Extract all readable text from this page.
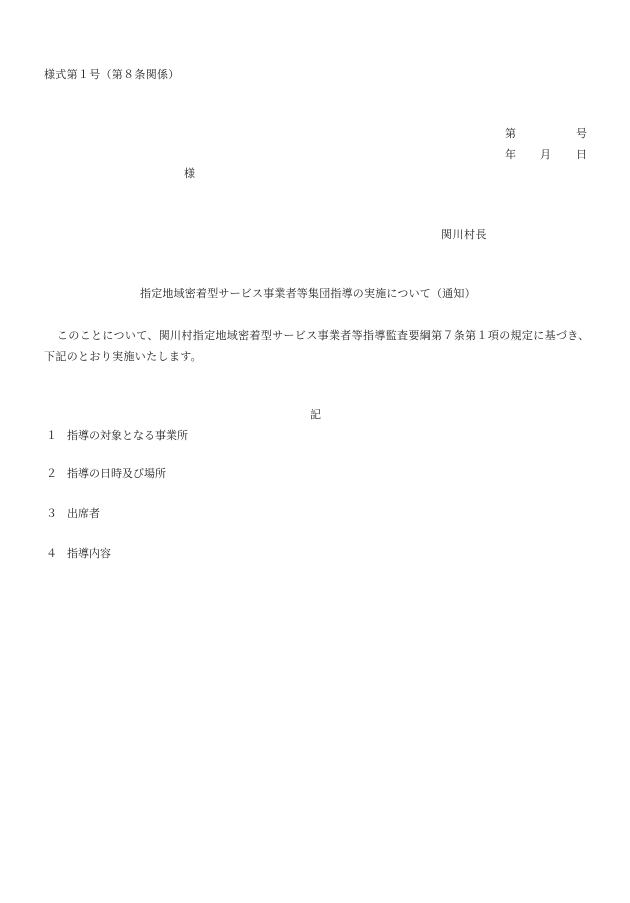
様式第１号（第８条関係）
第	号
年 月 日
様
関川村長
指定地域密着型サービス事業者等集団指導の実施について（通知）
このことについて、関川村指定地域密着型サービス事業者等指導監査要綱第７条第１項の規定に基づき、下記のとおり実施いたします。
記
１ 指導の対象となる事業所
２ 指導の日時及び場所
３ 出席者
４ 指導内容
